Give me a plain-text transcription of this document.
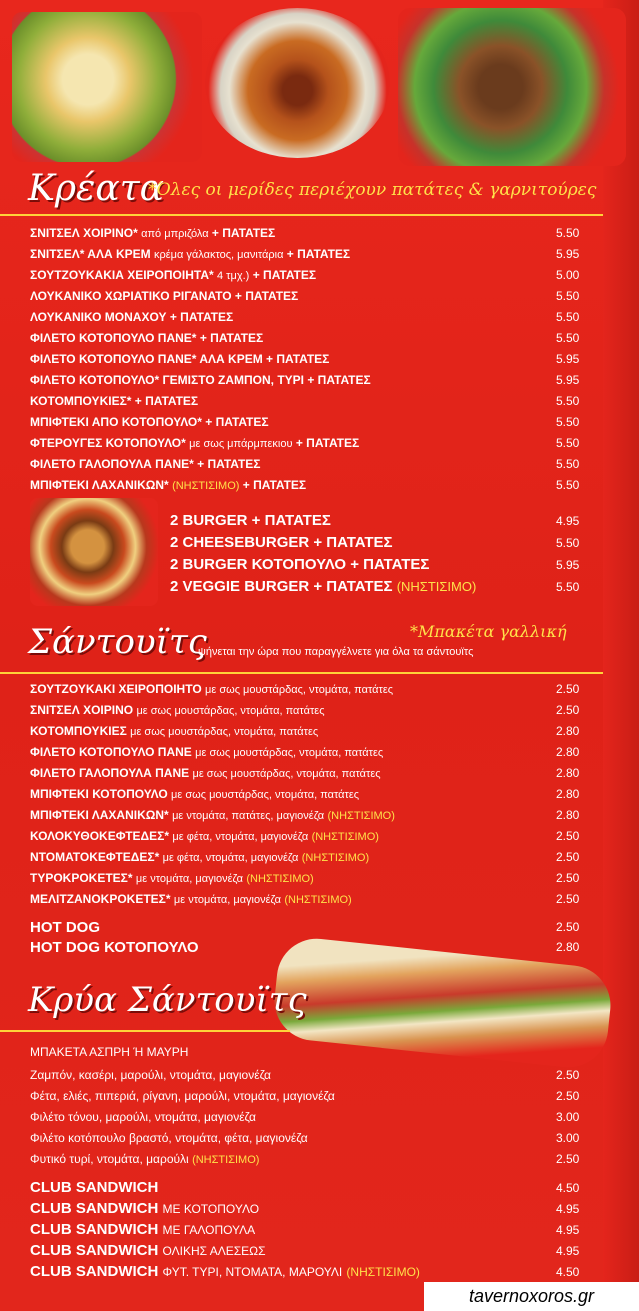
Κρέατα
*Όλες οι μερίδες περιέχουν πατάτες & γαρνιτούρες
ΣΝΙΤΣΕΛ ΧΟΙΡΙΝΟ* από μπριζόλα + ΠΑΤΑΤΕΣ	5.50
ΣΝΙΤΣΕΛ* ΑΛΑ ΚΡΕΜ κρέμα γάλακτος, μανιτάρια + ΠΑΤΑΤΕΣ	5.95
ΣΟΥΤΖΟΥΚΑΚΙΑ ΧΕΙΡΟΠΟΙΗΤΑ* 4 τμχ.) + ΠΑΤΑΤΕΣ	5.00
ΛΟΥΚΑΝΙΚΟ ΧΩΡΙΑΤΙΚΟ ΡΙΓΑΝΑΤΟ + ΠΑΤΑΤΕΣ	5.50
ΛΟΥΚΑΝΙΚΟ ΜΟΝΑΧΟΥ + ΠΑΤΑΤΕΣ	5.50
ΦΙΛΕΤΟ ΚΟΤΟΠΟΥΛΟ ΠΑΝΕ* + ΠΑΤΑΤΕΣ	5.50
ΦΙΛΕΤΟ ΚΟΤΟΠΟΥΛΟ ΠΑΝΕ* ΑΛΑ ΚΡΕΜ + ΠΑΤΑΤΕΣ	5.95
ΦΙΛΕΤΟ ΚΟΤΟΠΟΥΛΟ* ΓΕΜΙΣΤΟ ΖΑΜΠΟΝ, ΤΥΡΙ + ΠΑΤΑΤΕΣ	5.95
ΚΟΤΟΜΠΟΥΚΙΕΣ* + ΠΑΤΑΤΕΣ	5.50
ΜΠΙΦΤΕΚΙ ΑΠΟ ΚΟΤΟΠΟΥΛΟ* + ΠΑΤΑΤΕΣ	5.50
ΦΤΕΡΟΥΓΕΣ ΚΟΤΟΠΟΥΛΟ* με σως μπάρμπεκιου + ΠΑΤΑΤΕΣ	5.50
ΦΙΛΕΤΟ ΓΑΛΟΠΟΥΛΑ ΠΑΝΕ* + ΠΑΤΑΤΕΣ	5.50
ΜΠΙΦΤΕΚΙ ΛΑΧΑΝΙΚΩΝ* (ΝΗΣΤΙΣΙΜΟ) + ΠΑΤΑΤΕΣ	5.50
2 BURGER + ΠΑΤΑΤΕΣ	4.95
2 CHEESEBURGER + ΠΑΤΑΤΕΣ	5.50
2 BURGER ΚΟΤΟΠΟΥΛΟ + ΠΑΤΑΤΕΣ	5.95
2 VEGGIE BURGER + ΠΑΤΑΤΕΣ (ΝΗΣΤΙΣΙΜΟ)	5.50
Σάντουϊτς	*Μπακέτα γαλλική
ψήνεται την ώρα που παραγγέλνετε για όλα τα σάντουϊτς
ΣΟΥΤΖΟΥΚΑΚΙ ΧΕΙΡΟΠΟΙΗΤΟ με σως μουστάρδας, ντομάτα, πατάτες	2.50
ΣΝΙΤΣΕΛ ΧΟΙΡΙΝΟ με σως μουστάρδας, ντομάτα, πατάτες	2.50
ΚΟΤΟΜΠΟΥΚΙΕΣ με σως μουστάρδας, ντομάτα, πατάτες	2.80
ΦΙΛΕΤΟ ΚΟΤΟΠΟΥΛΟ ΠΑΝΕ με σως μουστάρδας, ντομάτα, πατάτες	2.80
ΦΙΛΕΤΟ ΓΑΛΟΠΟΥΛΑ ΠΑΝΕ με σως μουστάρδας, ντομάτα, πατάτες	2.80
ΜΠΙΦΤΕΚΙ ΚΟΤΟΠΟΥΛΟ με σως μουστάρδας, ντομάτα, πατάτες	2.80
ΜΠΙΦΤΕΚΙ ΛΑΧΑΝΙΚΩΝ* με ντομάτα, πατάτες, μαγιονέζα (ΝΗΣΤΙΣΙΜΟ)	2.80
ΚΟΛΟΚΥΘΟΚΕΦΤΕΔΕΣ* με φέτα, ντομάτα, μαγιονέζα (ΝΗΣΤΙΣΙΜΟ)	2.50
ΝΤΟΜΑΤΟΚΕΦΤΕΔΕΣ* με φέτα, ντομάτα, μαγιονέζα (ΝΗΣΤΙΣΙΜΟ)	2.50
ΤΥΡΟΚΡΟΚΕΤΕΣ* με ντομάτα, μαγιονέζα (ΝΗΣΤΙΣΙΜΟ)	2.50
ΜΕΛΙΤΖΑΝΟΚΡΟΚΕΤΕΣ* με ντομάτα, μαγιονέζα (ΝΗΣΤΙΣΙΜΟ)	2.50
HOT DOG	2.50
HOT DOG ΚΟΤΟΠΟΥΛΟ	2.80
Κρύα Σάντουϊτς
ΜΠΑΚΕΤΑ ΑΣΠΡΗ Ή ΜΑΥΡΗ
Ζαμπόν, κασέρι, μαρούλι, ντομάτα, μαγιονέζα	2.50
Φέτα, ελιές, πιπεριά, ρίγανη, μαρούλι, ντομάτα, μαγιονέζα	2.50
Φιλέτο τόνου, μαρούλι, ντομάτα, μαγιονέζα	3.00
Φιλέτο κοτόπουλο βραστό, ντομάτα, φέτα, μαγιονέζα	3.00
Φυτικό τυρί, ντομάτα, μαρούλι (ΝΗΣΤΙΣΙΜΟ)	2.50
CLUB SANDWICH	4.50
CLUB SANDWICH ΜΕ ΚΟΤΟΠΟΥΛΟ	4.95
CLUB SANDWICH ΜΕ ΓΑΛΟΠΟΥΛΑ	4.95
CLUB SANDWICH ΟΛΙΚΗΣ ΑΛΕΣΕΩΣ	4.95
CLUB SANDWICH ΦΥΤ. ΤΥΡΙ, ΝΤΟΜΑΤΑ, ΜΑΡΟΥΛΙ (ΝΗΣΤΙΣΙΜΟ)	4.50
tavernoxoros.gr
